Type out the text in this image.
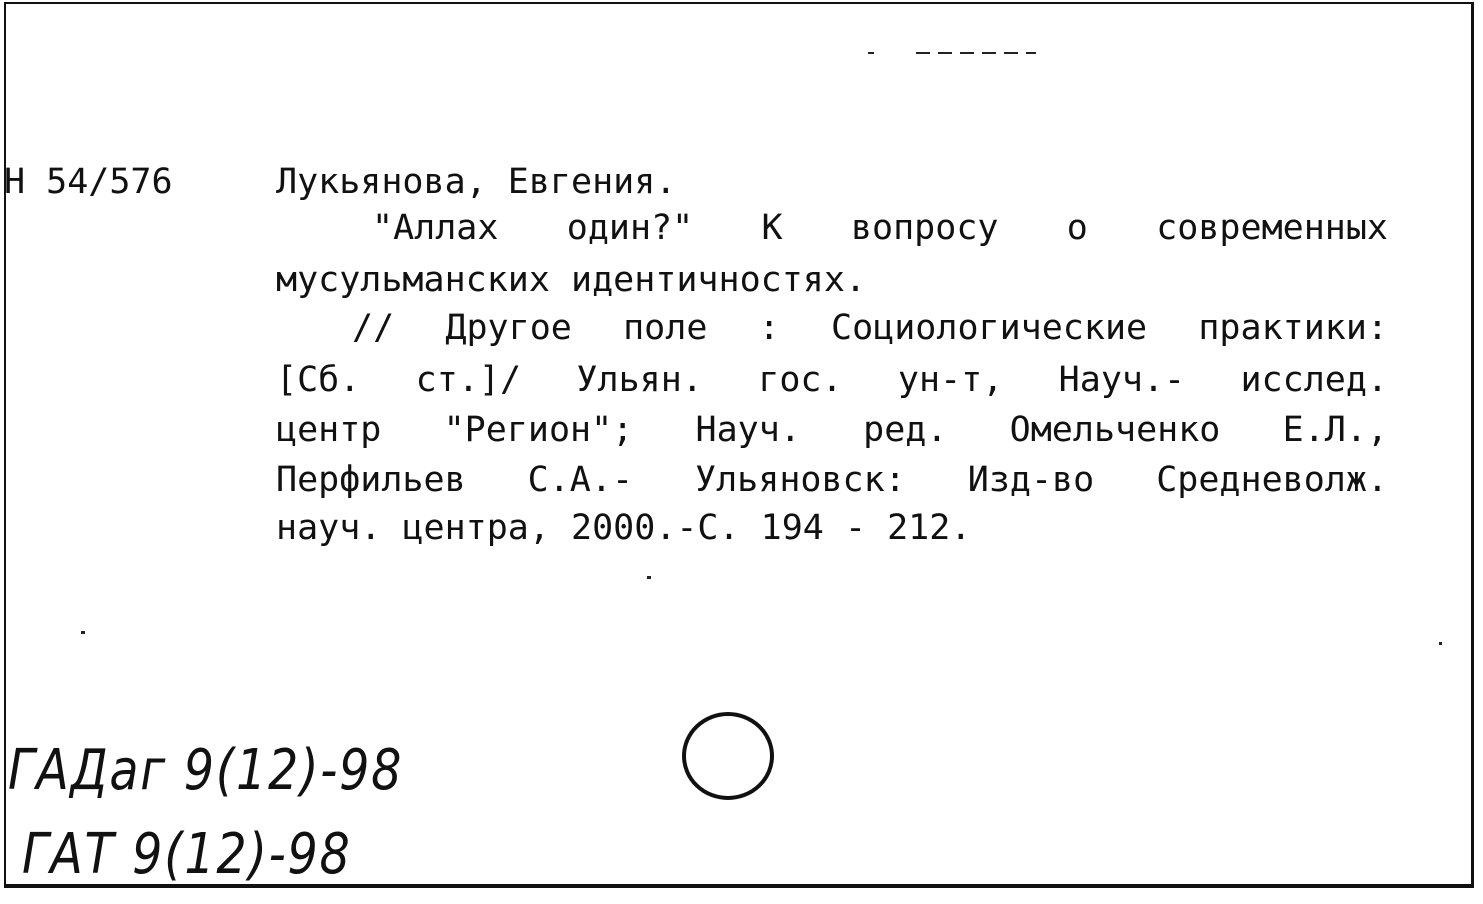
Н 54/576	Лукьянова, Евгения.
"Аллах один?" К вопросу о современных
мусульманских идентичностях.
// Другое поле : Социологические практики:
[Сб. ст.]/ Ульян. гос. ун-т, Науч.- исслед.
центр "Регион"; Науч. ред. Омельченко Е.Л.,
Перфильев С.А.- Ульяновск: Изд-во Средневолж.
науч. центра, 2000.-С. 194 - 212.
ГАДаг 9(12)-98
ГАТ 9(12)-98
